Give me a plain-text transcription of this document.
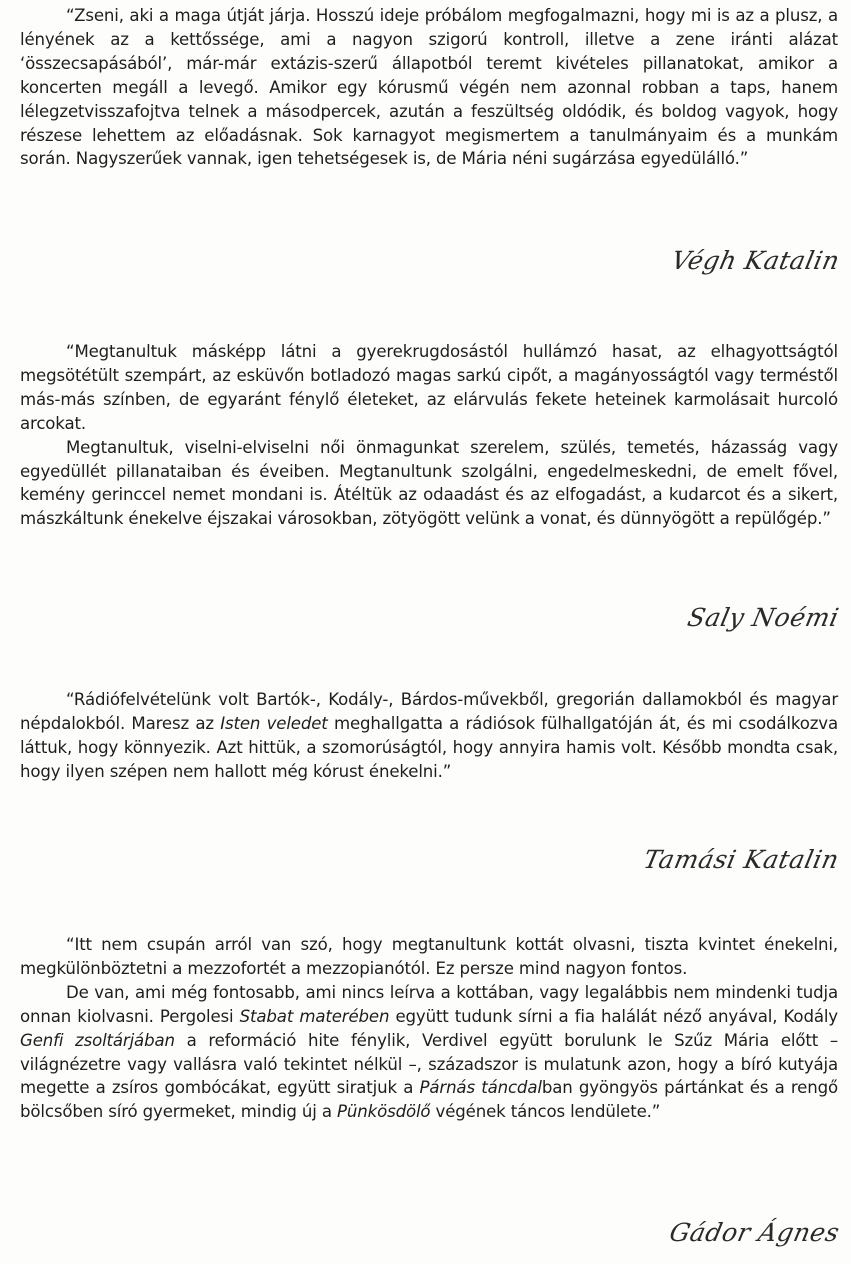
“Zseni, aki a maga útját járja. Hosszú ideje próbálom megfogalmazni, hogy mi is az a plusz, a lényének az a kettőssége, ami a nagyon szigorú kontroll, illetve a zene iránti alázat ‘összecsapásából’, már-már extázis-szerű állapotból teremt kivételes pillanatokat, amikor a koncerten megáll a levegő. Amikor egy kórusmű végén nem azonnal robban a taps, hanem lélegzetvisszafojtva telnek a másodpercek, azután a feszültség oldódik, és boldog vagyok, hogy részese lehettem az előadásnak. Sok karnagyot megismertem a tanulmányaim és a munkám során. Nagyszerűek vannak, igen tehetségesek is, de Mária néni sugárzása egyedülálló.”

Végh Katalin

“Megtanultuk másképp látni a gyerekrugdosástól hullámzó hasat, az elhagyottságtól megsötétült szempárt, az esküvőn botladozó magas sarkú cipőt, a magányosságtól vagy terméstől más-más színben, de egyaránt fénylő életeket, az elárvulás fekete heteinek karmolásait hurcoló arcokat.

Megtanultuk, viselni-elviselni női önmagunkat szerelem, szülés, temetés, házasság vagy egyedüllét pillanataiban és éveiben. Megtanultunk szolgálni, engedelmeskedni, de emelt fővel, kemény gerinccel nemet mondani is. Átéltük az odaadást és az elfogadást, a kudarcot és a sikert, mászkáltunk énekelve éjszakai városokban, zötyögött velünk a vonat, és dünnyögött a repülőgép.”

Saly Noémi

“Rádiófelvételünk volt Bartók-, Kodály-, Bárdos-művekből, gregorián dallamokból és magyar népdalokból. Maresz az Isten veledet meghallgatta a rádiósok fülhallgatóján át, és mi csodálkozva láttuk, hogy könnyezik. Azt hittük, a szomorúságtól, hogy annyira hamis volt. Később mondta csak, hogy ilyen szépen nem hallott még kórust énekelni.”

Tamási Katalin

“Itt nem csupán arról van szó, hogy megtanultunk kottát olvasni, tiszta kvintet énekelni, megkülönböztetni a mezzofortét a mezzopianótól. Ez persze mind nagyon fontos.

De van, ami még fontosabb, ami nincs leírva a kottában, vagy legalábbis nem mindenki tudja onnan kiolvasni. Pergolesi Stabat materében együtt tudunk sírni a fia halálát néző anyával, Kodály Genfi zsoltárjában a reformáció hite fénylik, Verdivel együtt borulunk le Szűz Mária előtt – világnézetre vagy vallásra való tekintet nélkül –, századszor is mulatunk azon, hogy a bíró kutyája megette a zsíros gombócákat, együtt siratjuk a Párnás táncdalban gyöngyös pártánkat és a rengő bölcsőben síró gyermeket, mindig új a Pünkösdölő végének táncos lendülete.”

Gádor Ágnes
